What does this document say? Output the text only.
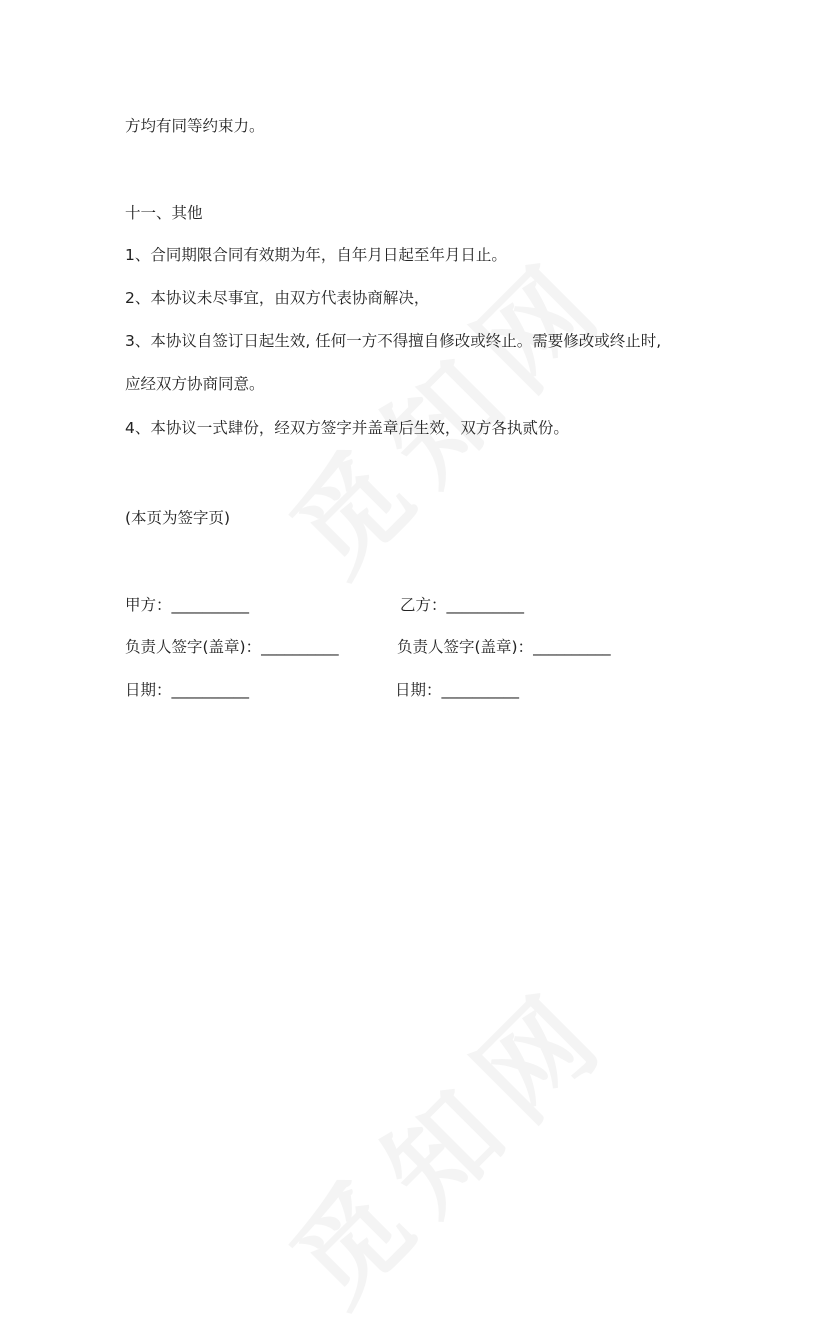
方均有同等约束力。
十一、其他
1、合同期限合同有效期为年，自年月日起至年月日止。
2、本协议未尽事宜，由双方代表协商解决，
3、本协议自签订日起生效, 任何一方不得擅自修改或终止。需要修改或终止时,
应经双方协商同意。
4、本协议一式肆份，经双方签字并盖章后生效，双方各执贰份。
(本页为签字页)
甲方：__________	乙方：__________
负责人签字(盖章)：__________	负责人签字(盖章)：__________
日期：__________	日期：__________
